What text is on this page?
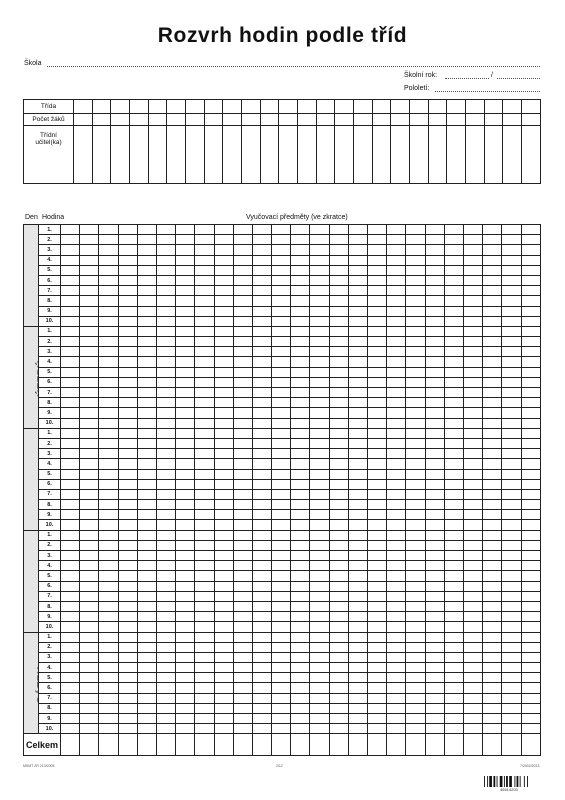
Rozvrh hodin podle tříd
Škola
Školní rok:	/
Pololetí:
Třída																									
Počet žáků																									
Třídní učitel(ka)																									
Den Hodina	Vyučovací předměty (ve zkratce)
	1.																									
	2.																									
	3.																									
	4.																									
	5.																									
	6.																									
	7.																									
	8.																									
	9.																									
	10.																									
	1.																									
	2.																									
	3.																									
	4.																									
	5.																									
	6.																									
	7.																									
	8.																									
	9.																									
	10.																									
	1.																									
	2.																									
	3.																									
	4.																									
	5.																									
	6.																									
	7.																									
	8.																									
	9.																									
	10.																									
	1.																									
	2.																									
	3.																									
	4.																									
	5.																									
	6.																									
	7.																									
	8.																									
	9.																									
	10.																									
	1.																									
	2.																									
	3.																									
	4.																									
	5.																									
	6.																									
	7.																									
	8.																									
	9.																									
	10.																									
Celkem																										
MSMT ZR 213/2005	2/12	7/2002/2013
46514200
